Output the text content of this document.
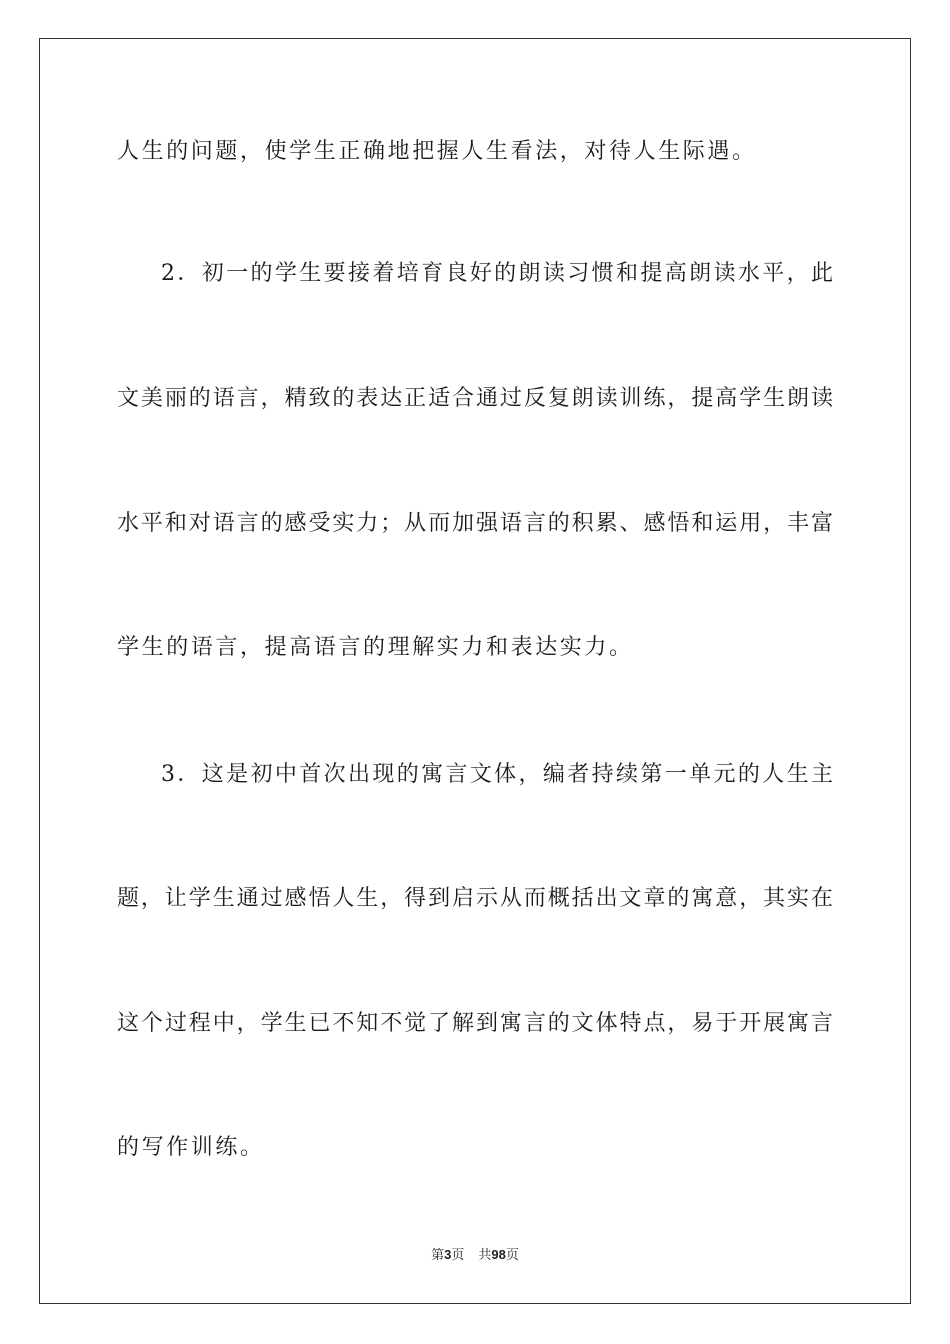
人生的问题，使学生正确地把握人生看法，对待人生际遇。
2．初一的学生要接着培育良好的朗读习惯和提高朗读水平，此
文美丽的语言，精致的表达正适合通过反复朗读训练，提高学生朗读
水平和对语言的感受实力；从而加强语言的积累、感悟和运用，丰富
学生的语言，提高语言的理解实力和表达实力。
3．这是初中首次出现的寓言文体，编者持续第一单元的人生主
题，让学生通过感悟人生，得到启示从而概括出文章的寓意，其实在
这个过程中，学生已不知不觉了解到寓言的文体特点，易于开展寓言
的写作训练。
第3页 共98页
